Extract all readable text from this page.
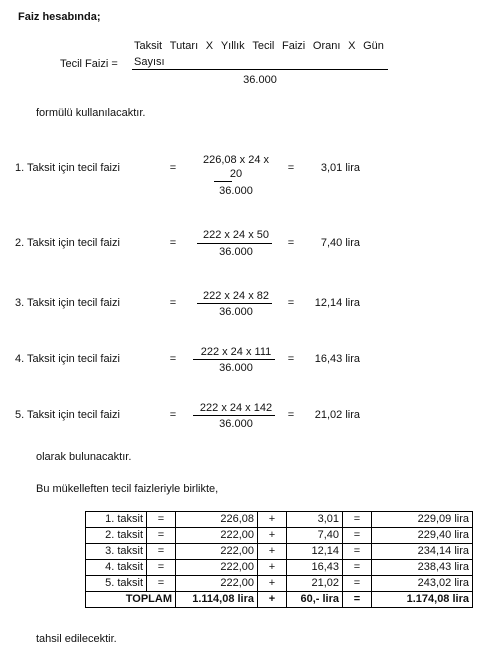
Faiz hesabında;
Tecil Faizi =
Taksit Tutarı X Yıllık Tecil Faizi Oranı X Gün
Sayısı
36.000
formülü kullanılacaktır.
1. Taksit için tecil faizi	=
226,08 x 24 x
20
36.000
=	3,01 lira
2. Taksit için tecil faizi	=
222 x 24 x 50
36.000
=	7,40 lira
3. Taksit için tecil faizi	=
222 x 24 x 82
36.000
=	12,14 lira
4. Taksit için tecil faizi	=
222 x 24 x 111
36.000
=	16,43 lira
5. Taksit için tecil faizi	=
222 x 24 x 142
36.000
=	21,02 lira
olarak bulunacaktır.
Bu mükelleften tecil faizleriyle birlikte,
1. taksit	=	226,08	+	3,01	=	229,09 lira
2. taksit	=	222,00	+	7,40	=	229,40 lira
3. taksit	=	222,00	+	12,14	=	234,14 lira
4. taksit	=	222,00	+	16,43	=	238,43 lira
5. taksit	=	222,00	+	21,02	=	243,02 lira
TOPLAM		1.114,08 lira	+	60,- lira	=	1.174,08 lira
tahsil edilecektir.
